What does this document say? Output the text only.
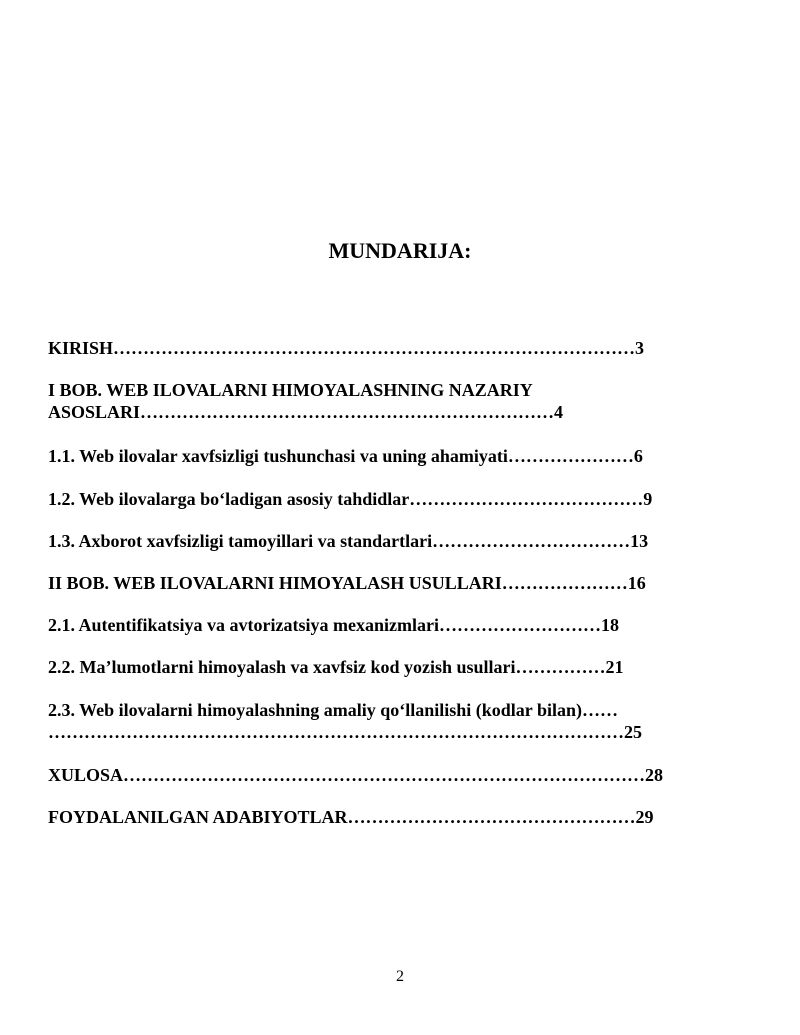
MUNDARIJA:
KIRISH……………………………………………………………………………3
I BOB. WEB ILOVALARNI HIMOYALASHNING NAZARIY
ASOSLARI……………………………………………………………4
1.1. Web ilovalar xavfsizligi tushunchasi va uning ahamiyati…………………6
1.2. Web ilovalarga bo‘ladigan asosiy tahdidlar…………………………………9
1.3. Axborot xavfsizligi tamoyillari va standartlari……………………………13
II BOB. WEB ILOVALARNI HIMOYALASH USULLARI…………………16
2.1. Autentifikatsiya va avtorizatsiya mexanizmlari………………………18
2.2. Ma’lumotlarni himoyalash va xavfsiz kod yozish usullari……………21
2.3. Web ilovalarni himoyalashning amaliy qo‘llanilishi (kodlar bilan)……
……………………………………………………………………………………25
XULOSA……………………………………………………………………………28
FOYDALANILGAN ADABIYOTLAR…………………………………………29
2
